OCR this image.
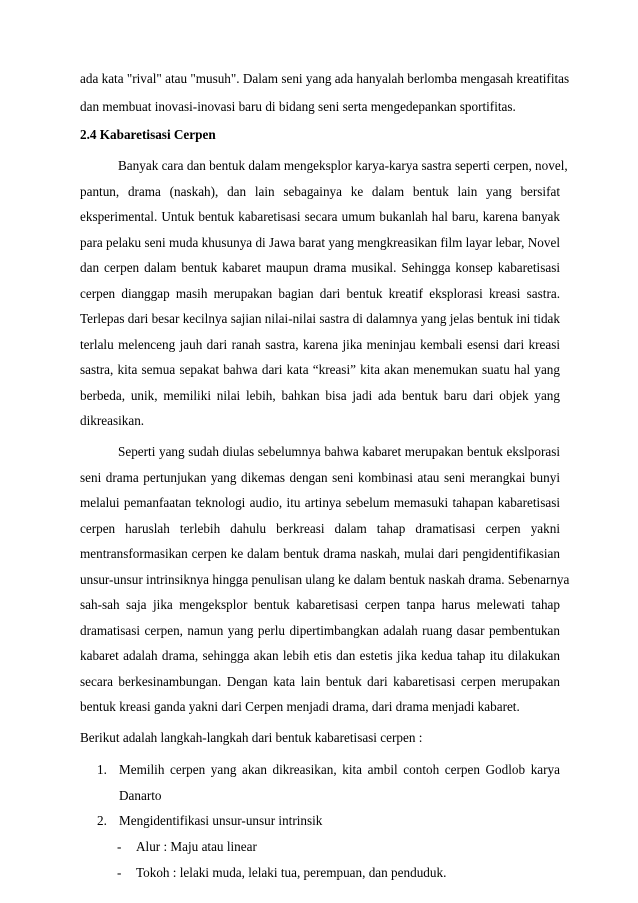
ada kata "rival" atau "musuh". Dalam seni yang ada hanyalah berlomba mengasah kreatifitas
dan membuat inovasi-inovasi baru di bidang seni serta mengedepankan sportifitas.
2.4 Kabaretisasi Cerpen
Banyak cara dan bentuk dalam mengeksplor karya-karya sastra seperti cerpen, novel,
pantun, drama (naskah), dan lain sebagainya ke dalam bentuk lain yang bersifat
eksperimental. Untuk bentuk kabaretisasi secara umum bukanlah hal baru, karena banyak
para pelaku seni muda khusunya di Jawa barat yang mengkreasikan film layar lebar, Novel
dan cerpen dalam bentuk kabaret maupun drama musikal. Sehingga konsep kabaretisasi
cerpen dianggap masih merupakan bagian dari bentuk kreatif eksplorasi kreasi sastra.
Terlepas dari besar kecilnya sajian nilai-nilai sastra di dalamnya yang jelas bentuk ini tidak
terlalu melenceng jauh dari ranah sastra, karena jika meninjau kembali esensi dari kreasi
sastra, kita semua sepakat bahwa dari kata “kreasi” kita akan menemukan suatu hal yang
berbeda, unik, memiliki nilai lebih, bahkan bisa jadi ada bentuk baru dari objek yang
dikreasikan.
Seperti yang sudah diulas sebelumnya bahwa kabaret merupakan bentuk ekslporasi
seni drama pertunjukan yang dikemas dengan seni kombinasi atau seni merangkai bunyi
melalui pemanfaatan teknologi audio, itu artinya sebelum memasuki tahapan kabaretisasi
cerpen haruslah terlebih dahulu berkreasi dalam tahap dramatisasi cerpen yakni
mentransformasikan cerpen ke dalam bentuk drama naskah, mulai dari pengidentifikasian
unsur-unsur intrinsiknya hingga penulisan ulang ke dalam bentuk naskah drama. Sebenarnya
sah-sah saja jika mengeksplor bentuk kabaretisasi cerpen tanpa harus melewati tahap
dramatisasi cerpen, namun yang perlu dipertimbangkan adalah ruang dasar pembentukan
kabaret adalah drama, sehingga akan lebih etis dan estetis jika kedua tahap itu dilakukan
secara berkesinambungan. Dengan kata lain bentuk dari kabaretisasi cerpen merupakan
bentuk kreasi ganda yakni dari Cerpen menjadi drama, dari drama menjadi kabaret.
Berikut adalah langkah-langkah dari bentuk kabaretisasi cerpen :
1. Memilih cerpen yang akan dikreasikan, kita ambil contoh cerpen Godlob karya
Danarto
2. Mengidentifikasi unsur-unsur intrinsik
- Alur : Maju atau linear
- Tokoh : lelaki muda, lelaki tua, perempuan, dan penduduk.
